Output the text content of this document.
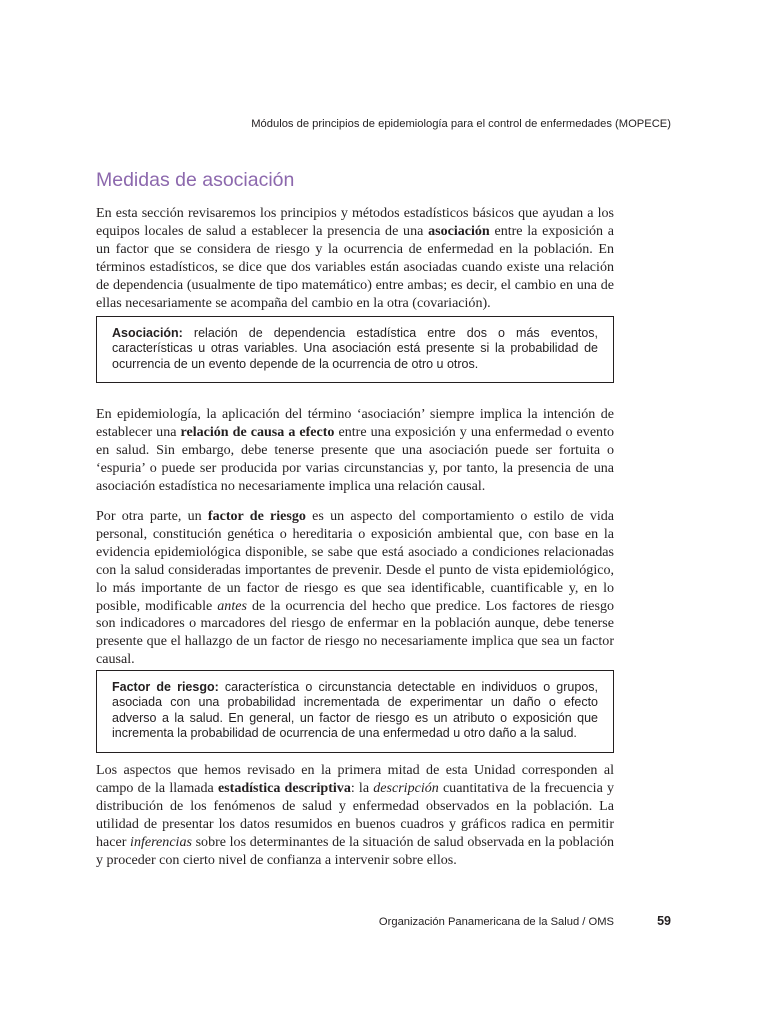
Módulos de principios de epidemiología para el control de enfermedades (MOPECE)
Medidas de asociación

En esta sección revisaremos los principios y métodos estadísticos básicos que ayudan a los equipos locales de salud a establecer la presencia de una asociación entre la exposición a un factor que se considera de riesgo y la ocurrencia de enfermedad en la población. En términos estadísticos, se dice que dos variables están asociadas cuando existe una relación de dependencia (usualmente de tipo matemático) entre ambas; es decir, el cambio en una de ellas necesariamente se acompaña del cambio en la otra (covariación).

Asociación: relación de dependencia estadística entre dos o más eventos, características u otras variables. Una asociación está presente si la probabilidad de ocurrencia de un evento depende de la ocurrencia de otro u otros.

En epidemiología, la aplicación del término ‘asociación’ siempre implica la intención de establecer una relación de causa a efecto entre una exposición y una enfermedad o evento en salud. Sin embargo, debe tenerse presente que una asociación puede ser fortuita o ‘espuria’ o puede ser producida por varias circunstancias y, por tanto, la presencia de una asociación estadística no necesariamente implica una relación causal.

Por otra parte, un factor de riesgo es un aspecto del comportamiento o estilo de vida personal, constitución genética o hereditaria o exposición ambiental que, con base en la evidencia epidemiológica disponible, se sabe que está asociado a condiciones relacionadas con la salud consideradas importantes de prevenir. Desde el punto de vista epidemiológico, lo más importante de un factor de riesgo es que sea identificable, cuantificable y, en lo posible, modificable antes de la ocurrencia del hecho que predice. Los factores de riesgo son indicadores o marcadores del riesgo de enfermar en la población aunque, debe tenerse presente que el hallazgo de un factor de riesgo no necesariamente implica que sea un factor causal.

Factor de riesgo: característica o circunstancia detectable en individuos o grupos, asociada con una probabilidad incrementada de experimentar un daño o efecto adverso a la salud. En general, un factor de riesgo es un atributo o exposición que incrementa la probabilidad de ocurrencia de una enfermedad u otro daño a la salud.

Los aspectos que hemos revisado en la primera mitad de esta Unidad corresponden al campo de la llamada estadística descriptiva: la descripción cuantitativa de la frecuencia y distribución de los fenómenos de salud y enfermedad observados en la población. La utilidad de presentar los datos resumidos en buenos cuadros y gráficos radica en permitir hacer inferencias sobre los determinantes de la situación de salud observada en la población y proceder con cierto nivel de confianza a intervenir sobre ellos.

Organización Panamericana de la Salud / OMS	59
